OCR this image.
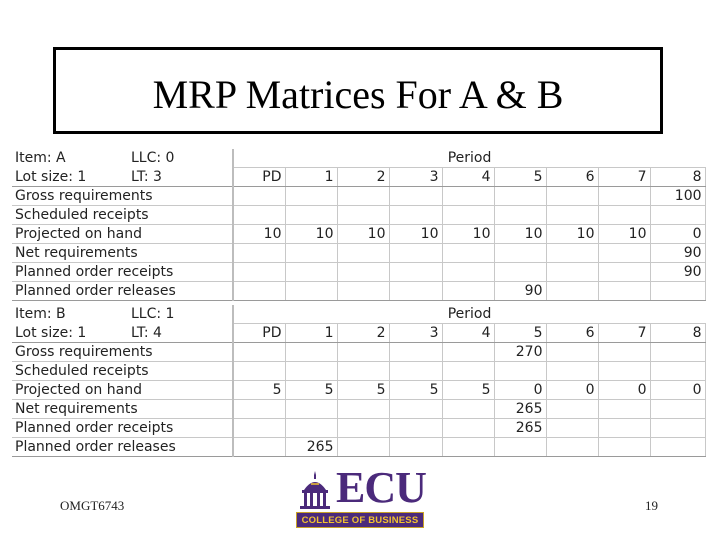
MRP Matrices For A & B
Item: A LLC: 0	Period								

Lot size: 1 LT: 3	PD	1	2	3	4	5	6	7	8
Gross requirements									100
Scheduled receipts									
Projected on hand	10	10	10	10	10	10	10	10	0
Net requirements									90
Planned order receipts									90
Planned order releases						90			
Item: B LLC: 1	Period								

Lot size: 1 LT: 4	PD	1	2	3	4	5	6	7	8
Gross requirements						270			
Scheduled receipts									
Projected on hand	5	5	5	5	5	0	0	0	0
Net requirements						265			
Planned order receipts						265			
Planned order releases		265							
OMGT6743	ECU
COLLEGE OF BUSINESS
19
